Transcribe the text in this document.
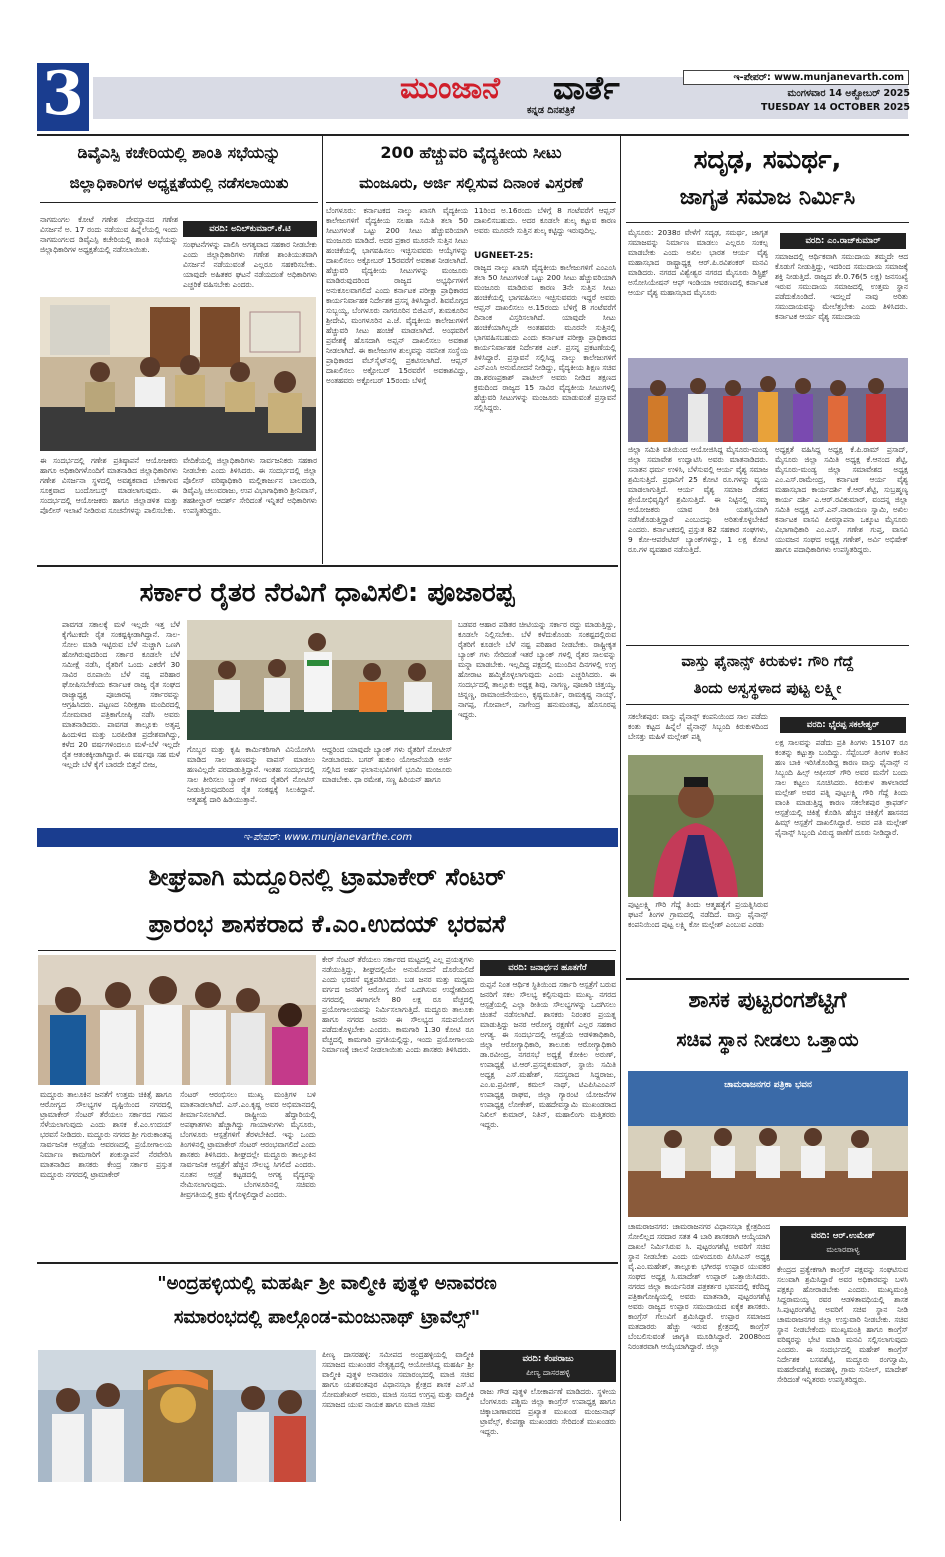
3	ಮುಂಜಾನೆ	ವಾರ್ತೆ
ಕನ್ನಡ ದಿನಪತ್ರಿಕೆ
ಇ-ಪೇಪರ್: www.munjanevarth.com
ಮಂಗಳವಾರ 14 ಅಕ್ಟೋಬರ್ 2025
TUESDAY 14 OCTOBER 2025
ಡಿವೈಎಸ್ಪಿ ಕಚೇರಿಯಲ್ಲಿ ಶಾಂತಿ ಸಭೆಯನ್ನು
ಜಿಲ್ಲಾಧಿಕಾರಿಗಳ ಅಧ್ಯಕ್ಷತೆಯಲ್ಲಿ ನಡೆಸಲಾಯಿತು
ನಾಗಮಂಗಲ ಕೋಟೆ ಗಣೇಶ ದೇವಸ್ಥಾನದ ಗಣೇಶ ವಿಸರ್ಜನೆ ಅ. 17 ರಂದು ನಡೆಯುವ ಹಿನ್ನೆಲೆಯಲ್ಲಿ ಇಂದು ನಾಗಮಂಗಲದ ಡಿವೈಎಸ್ಪಿ ಕಚೇರಿಯಲ್ಲಿ ಶಾಂತಿ ಸಭೆಯನ್ನು ಜಿಲ್ಲಾಧಿಕಾರಿಗಳ ಅಧ್ಯಕ್ಷತೆಯಲ್ಲಿ ನಡೆಸಲಾಯಿತು.
ವರದಿ: ಅನಿಲ್‌ಕುಮಾರ್.ಕೆ.ಟಿ
ಸಂಘಟನೆಗಳನ್ನು ಪಾಲಿಸಿ ಅಗತ್ಯವಾದ ಸಹಕಾರ ನೀಡಬೇಕು ಎಂದು ಜಿಲ್ಲಾಧಿಕಾರಿಗಳು ಗಣೇಶ ಶಾಂತಿಯುತವಾಗಿ ವಿಸರ್ಜನೆ ನಡೆಯುವಂತೆ ಎಲ್ಲರೂ ಸಹಕರಿಸಬೇಕು. ಯಾವುದೇ ಅಹಿತಕರ ಘಟನೆ ನಡೆಯದಂತೆ ಅಧಿಕಾರಿಗಳು ಎಚ್ಚರಿಕೆ ವಹಿಸಬೇಕು ಎಂದರು.
ಈ ಸಂದರ್ಭದಲ್ಲಿ ಗಣೇಶ ಪ್ರತಿಷ್ಠಾಪನೆ ಆಯೋಜಕರು ಹಾಗೂ ಅಧಿಕಾರಿಗಳೊಂದಿಗೆ ಮಾತನಾಡಿದ ಜಿಲ್ಲಾಧಿಕಾರಿಗಳು ಗಣೇಶ ವಿಸರ್ಜನಾ ಸ್ಥಳದಲ್ಲಿ ಅವಶ್ಯಕವಾದ ಬೇಕಾಗುವ ಸೂಕ್ತವಾದ ಬಂದೋಬಸ್ತ್ ಮಾಡಲಾಗುವುದು. ಈ ಸಂದರ್ಭದಲ್ಲಿ ಆಯೋಜಕರು ಹಾಗೂ ಜಿಲ್ಲಾಡಳಿತ ಮತ್ತು ಪೊಲೀಸ್ ಇಲಾಖೆ ನೀಡಿರುವ ಸೂಚನೆಗಳನ್ನು ಪಾಲಿಸಬೇಕು.
ವೇದಿಕೆಯಲ್ಲಿ ಜಿಲ್ಲಾಧಿಕಾರಿಗಳು ಸಾರ್ವಜನಿಕರು ಸಹಕಾರ ನೀಡಬೇಕು ಎಂದು ತಿಳಿಸಿದರು. ಈ ಸಂದರ್ಭದಲ್ಲಿ ಜಿಲ್ಲಾ ಪೊಲೀಸ್ ವರಿಷ್ಠಾಧಿಕಾರಿ ಮಲ್ಲಿಕಾರ್ಜುನ ಬಾಲದಂಡಿ, ಡಿವೈಎಸ್ಪಿ ಚಲುವರಾಜು, ಉಪ ವಿಭಾಗಾಧಿಕಾರಿ ಶ್ರೀನಿವಾಸ್, ತಹಶೀಲ್ದಾರ್ ಆದರ್ಶ್ ಸೇರಿದಂತೆ ಇನ್ನಿತರೆ ಅಧಿಕಾರಿಗಳು ಉಪಸ್ಥಿತರಿದ್ದರು.
200 ಹೆಚ್ಚುವರಿ ವೈದ್ಯಕೀಯ ಸೀಟು
ಮಂಜೂರು, ಅರ್ಜಿ ಸಲ್ಲಿಸುವ ದಿನಾಂಕ ವಿಸ್ತರಣೆ
ಬೆಂಗಳೂರು: ಕರ್ನಾಟಕದ ನಾಲ್ಕು ಖಾಸಗಿ ವೈದ್ಯಕೀಯ ಕಾಲೇಜುಗಳಿಗೆ ವೈದ್ಯಕೀಯ ಸಲಹಾ ಸಮಿತಿ ತಲಾ 50 ಸೀಟುಗಳಂತೆ ಒಟ್ಟು 200 ಸೀಟು ಹೆಚ್ಚುವರಿಯಾಗಿ ಮಂಜೂರು ಮಾಡಿದೆ. ಅದರ ಪ್ರಕಾರ ಮೂರನೇ ಸುತ್ತಿನ ಸೀಟು ಹಂಚಿಕೆಯಲ್ಲಿ ಭಾಗವಹಿಸಲು ಇಚ್ಛಿಸುವವರು ಆಯ್ಕೆಗಳನ್ನು ದಾಖಲಿಸಲು ಅಕ್ಟೋಬರ್ 15ರವರೆಗೆ ಅವಕಾಶ ನೀಡಲಾಗಿದೆ. ಹೆಚ್ಚುವರಿ ವೈದ್ಯಕೀಯ ಸೀಟುಗಳನ್ನು ಮಂಜೂರು ಮಾಡಿರುವುದರಿಂದ ರಾಜ್ಯದ ಅಭ್ಯರ್ಥಿಗಳಿಗೆ ಅನುಕೂಲವಾಗಲಿದೆ ಎಂದು ಕರ್ನಾಟಕ ಪರೀಕ್ಷಾ ಪ್ರಾಧಿಕಾರದ ಕಾರ್ಯನಿರ್ವಾಹಕ ನಿರ್ದೇಶಕ ಪ್ರಸನ್ನ ತಿಳಿಸಿದ್ದಾರೆ. ಶಿವಮೊಗ್ಗದ ಸುಬ್ಬಯ್ಯ, ಬೆಂಗಳೂರು ನಾಗರೂರಿನ ಬಿಜಿಎಸ್, ತುಮಕೂರಿನ ಶ್ರೀದೇವಿ, ಮಂಗಳೂರಿನ ಎ.ಜೆ. ವೈದ್ಯಕೀಯ ಕಾಲೇಜುಗಳಿಗೆ ಹೆಚ್ಚುವರಿ ಸೀಟು ಹಂಚಿಕೆ ಮಾಡಲಾಗಿದೆ. ಅಂಥವರಿಗೆ ಪ್ರವೇಶಕ್ಕೆ ಹೊಸದಾಗಿ ಅಪ್ಷನ್ ದಾಖಲಿಸಲು ಅವಕಾಶ ನೀಡಲಾಗಿದೆ. ಈ ಕಾಲೇಜುಗಳ ಶುಲ್ಕವನ್ನು ನವನೀತ ಸಂಸ್ಥೆಯ ಪ್ರಾಧಿಕಾರದ ವೆಬ್‌ಸೈಟ್‌ನಲ್ಲಿ ಪ್ರಕಟಿಸಲಾಗಿದೆ. ಆಪ್ಷನ್ ದಾಖಲಿಸಲು ಅಕ್ಟೋಬರ್ 15ರವರೆಗೆ ಅವಕಾಶವಿದ್ದು, ಅಂತಹವರು ಅಕ್ಟೋಬರ್ 15ರಂದು ಬೆಳಿಗ್ಗೆ
11ರಿಂದ ಅ.16ರಂದು ಬೆಳಿಗ್ಗೆ 8 ಗಂಟೆವರೆಗೆ ಆಪ್ಷನ್ ದಾಖಲಿಸಬಹುದು. ಅದರ ಕೂಡಲೇ ಶುಲ್ಕ ಕಟ್ಟುವ ಕಾರಣ ಅವರು ಮೂರನೇ ಸುತ್ತಿನ ಶುಲ್ಕ ಕಟ್ಟಿದ್ದು ಇರುವುದಿಲ್ಲ.
UGNEET-25:
ರಾಜ್ಯದ ನಾಲ್ಕು ಖಾಸಗಿ ವೈದ್ಯಕೀಯ ಕಾಲೇಜುಗಳಿಗೆ ಎಂಎಂಸಿ ತಲಾ 50 ಸೀಟುಗಳಂತೆ ಒಟ್ಟು 200 ಸೀಟು ಹೆಚ್ಚುವರಿಯಾಗಿ ಮಂಜೂರು ಮಾಡಿರುವ ಕಾರಣ 3ನೇ ಸುತ್ತಿನ ಸೀಟು ಹಂಚಿಕೆಯಲ್ಲಿ ಭಾಗವಹಿಸಲು ಇಚ್ಛಿಸುವವರು ಇದ್ದರೆ ಅವರು ಆಪ್ಷನ್ ದಾಖಲಿಸಲು ಅ.15ರಂದು ಬೆಳಿಗ್ಗೆ 8 ಗಂಟೆವರೆಗೆ ದಿನಾಂಕ ವಿಸ್ತರಿಸಲಾಗಿದೆ. ಯಾವುದೇ ಸೀಟು ಹಂಚಿಕೆಯಾಗಿಲ್ಲದೇ ಅಂತಹವರು ಮೂರನೇ ಸುತ್ತಿನಲ್ಲಿ ಭಾಗವಹಿಸಬಹುದು ಎಂದು ಕರ್ನಾಟಕ ಪರೀಕ್ಷಾ ಪ್ರಾಧಿಕಾರದ ಕಾರ್ಯನಿರ್ವಾಹಕ ನಿರ್ದೇಶಕ ಎಚ್. ಪ್ರಸನ್ನ ಪ್ರಕಟಣೆಯಲ್ಲಿ ತಿಳಿಸಿದ್ದಾರೆ. ಪ್ರಸ್ತಾವನೆ ಸಲ್ಲಿಸಿದ್ದ ನಾಲ್ಕು ಕಾಲೇಜುಗಳಿಗೆ ಎನ್ಎಂಸಿ ಅನುಮೋದನೆ ನೀಡಿದ್ದು, ವೈದ್ಯಕೀಯ ಶಿಕ್ಷಣ ಸಚಿವ ಡಾ.ಶರಣಪ್ರಕಾಶ್ ಪಾಟೀಲ್ ಅವರು ನೀಡಿದ ತಕ್ಷಣದ ಕ್ರಮದಿಂದ ರಾಜ್ಯದ 15 ಸಾವಿರ ವೈದ್ಯಕೀಯ ಸೀಟುಗಳಲ್ಲಿ ಹೆಚ್ಚುವರಿ ಸೀಟುಗಳನ್ನು ಮಂಜೂರು ಮಾಡುವಂತೆ ಪ್ರಸ್ತಾವನೆ ಸಲ್ಲಿಸಿದ್ದರು.
ಸದೃಢ, ಸಮರ್ಥ,
ಜಾಗೃತ ಸಮಾಜ ನಿರ್ಮಿಸಿ
ಮೈಸೂರು: 2038ರ ವೇಳೆಗೆ ಸದೃಢ, ಸಮರ್ಥ, ಜಾಗೃತ ಸಮಾಜವನ್ನು ನಿರ್ಮಾಣ ಮಾಡಲು ಎಲ್ಲರೂ ಸಂಕಲ್ಪ ಮಾಡಬೇಕು ಎಂದು ಅಖಿಲ ಭಾರತ ಆರ್ಯ ವೈಶ್ಯ ಮಹಾಸಭಾದ ರಾಷ್ಟ್ರಾಧ್ಯಕ್ಷ ಆರ್.ಪಿ.ರವಿಶಂಕರ್ ಮನವಿ ಮಾಡಿದರು. ನಗರದ ವಿಶ್ವೇಶ್ವರ ನಗರದ ಮೈಸೂರು ಡಿಸ್ಟ್ರಿಕ್ಟ್ ಅಸೋಸಿಯೇಷನ್ ಆಫ್ ಇಂಡಿಯಾ ಆವರಣದಲ್ಲಿ ಕರ್ನಾಟಕ ಆರ್ಯ ವೈಶ್ಯ ಮಹಾಸಭಾದ ಮೈಸೂರು
ವರದಿ: ಎಂ.ರಾಜ್‌ಕುಮಾರ್
ಸಮಾಜದಲ್ಲಿ ಆರ್ಥಿಕವಾಗಿ ಸಮುದಾಯ ತಮ್ಮದೇ ಆದ ಕೊಡುಗೆ ನೀಡುತ್ತಿದ್ದು, ಇದರಿಂದ ಸಮುದಾಯ ಸಮಾಜಕ್ಕೆ ಶಕ್ತಿ ನೀಡುತ್ತಿದೆ. ರಾಜ್ಯದ ಶೇ.0.76(5 ಲಕ್ಷ) ಜನಸಂಖ್ಯೆ ಇರುವ ಸಮುದಾಯ ಸಮಾಜದಲ್ಲಿ ಉತ್ತಮ ಸ್ಥಾನ ಪಡೆದುಕೊಂಡಿದೆ. ಇದಲ್ಲದೆ ನಾವು ಅರಿತು ಸಮುದಾಯವನ್ನು ಮೇಲೆತ್ತಬೇಕು ಎಂದು ತಿಳಿಸಿದರು. ಕರ್ನಾಟಕ ಆರ್ಯ ವೈಶ್ಯ ಸಮುದಾಯ
ಜಿಲ್ಲಾ ಸಮಿತಿ ವತಿಯಿಂದ ಆಯೋಜಿಸಿದ್ದ ಮೈಸೂರು-ಮಂಡ್ಯ ಜಿಲ್ಲಾ ಸಮಾವೇಶ ಉದ್ಘಾಟಿಸಿ ಅವರು ಮಾತನಾಡಿದರು. ಸನಾತನ ಧರ್ಮ ಉಳಿಸಿ, ಬೆಳೆಸುವಲ್ಲಿ ಆರ್ಯ ವೈಶ್ಯ ಸಮಾಜ ಶ್ರಮಿಸುತ್ತಿದೆ. ಪ್ರಧಾನಿಗೆ 25 ಕೋಟಿ ರೂ.ಗಳನ್ನು ವ್ಯಯ ಮಾಡಲಾಗುತ್ತಿದೆ. ಆರ್ಯ ವೈಶ್ಯ ಸಮಾಜ ದೇಶದ ಶ್ರೇಯೋಭಿವೃದ್ಧಿಗೆ ಶ್ರಮಿಸುತ್ತಿದೆ. ಈ ನಿಟ್ಟಿನಲ್ಲಿ ನಮ್ಮ ಆಯೋಜಕರು ಯಾವ ರೀತಿ ಯಶಸ್ವಿಯಾಗಿ ನಡೆಸಿಕೊಡುತ್ತಿದ್ದಾರೆ ಎಂಬುದನ್ನು ಅರಿತುಕೊಳ್ಳಬೇಕಿದೆ ಎಂದರು. ಕರ್ನಾಟಕದಲ್ಲಿ ಪ್ರಸ್ತುತ 82 ಸಹಕಾರ ಸಂಘಗಳು, 9 ಕೋ-ಆಪರೇಟಿವ್ ಬ್ಯಾಂಕ್‌ಗಳಿದ್ದು, 1 ಲಕ್ಷ ಕೋಟಿ ರೂ.ಗಳ ವ್ಯವಹಾರ ನಡೆಸುತ್ತಿದೆ.
ಅಧ್ಯಕ್ಷತೆ ವಹಿಸಿದ್ದ ಅಧ್ಯಕ್ಷ ಕೆ.ಪಿ.ರಾಮ್ ಪ್ರಸಾದ್, ಮೈಸೂರು ಜಿಲ್ಲಾ ಸಮಿತಿ ಅಧ್ಯಕ್ಷ ಕೆ.ಆನಂದ ಶೆಟ್ಟಿ, ಮೈಸೂರು-ಮಂಡ್ಯ ಜಿಲ್ಲಾ ಸಮಾವೇಶದ ಅಧ್ಯಕ್ಷ ಎಂ.ಎಸ್.ರಾಮೇಂದ್ರ, ಕರ್ನಾಟಕ ಆರ್ಯ ವೈಶ್ಯ ಮಹಾಸಭಾದ ಕಾರ್ಯದರ್ಶಿ ಕೆ.ಆರ್.ಶೆಟ್ಟಿ, ಸುಬ್ರಹ್ಮಣ್ಯ ಕಾರ್ಯ ದರ್ಶಿ ಎ.ಆರ್.ರವಿಕುಮಾರ್, ವಂದನ್ನ ಜಿಲ್ಲಾ ಸಮಿತಿ ಅಧ್ಯಕ್ಷ ಎಸ್.ಎನ್.ನಾರಾಯಣ ಸ್ವಾಮಿ, ಅಖಿಲ ಕರ್ನಾಟಕ ವಾಸವಿ ಪೀಠಸ್ಥಾಪನಾ ಒಕ್ಕೂಟ ಮೈಸೂರು ವಿಭಾಗಾಧಿಕಾರಿ ಎಂ.ಎಸ್. ಗಣೇಶ ಗುಪ್ತ, ವಾಸವಿ ಯುವಜನ ಸಂಘದ ಅಧ್ಯಕ್ಷ ಗಣೇಶ್, ಅರ್ವಿ ಅಭಿಷೇಕ್ ಹಾಗೂ ಪದಾಧಿಕಾರಿಗಳು ಉಪಸ್ಥಿತರಿದ್ದರು.
ಸರ್ಕಾರ ರೈತರ ನೆರವಿಗೆ ಧಾವಿಸಲಿ: ಪೂಜಾರಪ್ಪ
ಪಾವಗಡ ಸಕಾಲಕ್ಕೆ ಮಳೆ ಇಲ್ಲದೇ ಇತ್ತ ಬೆಳೆ ಕೈಗೆಟುಕದೇ ರೈತ ಸಂಕಷ್ಟಕ್ಕೀಡಾಗಿದ್ದಾನೆ. ಸಾಲ-ಸೋಲ ಮಾಡಿ ಇಟ್ಟಿರುವ ಬೆಳೆ ನುಚ್ಚಾಗಿ ಒಣಗಿ ಹೋಗಿರುವುದರಿಂದ ಸರ್ಕಾರ ಕೂಡಲೇ ಬೆಳೆ ಸಮೀಕ್ಷೆ ನಡೆಸಿ, ರೈತರಿಗೆ ಒಂದು ಎಕರೆಗೆ 30 ಸಾವಿರ ರೂಪಾಯಿ ಬೆಳೆ ನಷ್ಟ ಪರಿಹಾರ ಘೋಷಿಸಬೇಕೆಂದು ಕರ್ನಾಟಕ ರಾಜ್ಯ ರೈತ ಸಂಘದ ರಾಜ್ಯಾಧ್ಯಕ್ಷ ಪೂಜಾರಪ್ಪ ಸರ್ಕಾರವನ್ನು ಆಗ್ರಹಿಸಿದರು. ಪಟ್ಟಣದ ನಿರೀಕ್ಷಣಾ ಮಂದಿರದಲ್ಲಿ ಸೋಮವಾರ ಪತ್ರಿಕಾಗೋಷ್ಠಿ ನಡೆಸಿ ಅವರು ಮಾತನಾಡಿದರು. ಪಾವಗಡ ತಾಲ್ಲೂಕು ಅತೃಪ್ತ ಹಿಂದುಳಿದ ಮತ್ತು ಬರಪೀಡಿತ ಪ್ರದೇಶವಾಗಿದ್ದು, ಕಳೆದ 20 ವರ್ಷಗಳಿಂದಲೂ ಮಳೆ-ಬೆಳೆ ಇಲ್ಲದೇ ರೈತ ಆತಂಕಕ್ಕೀಡಾಗಿದ್ದಾರೆ. ಈ ವರ್ಷವೂ ಸಹ ಮಳೆ ಇಲ್ಲದೇ ಬೆಳೆ ಕೈಗೆ ಬಾರದೇ ಬಿತ್ತನೆ ಬೀಜ,
ಗೊಬ್ಬರ ಮತ್ತು ಕೃಷಿ ಕಾರ್ಮಿಕರಿಗಾಗಿ ವಿನಿಯೋಗಿಸಿ ಮಾಡಿದ ಸಾಲ ಹಣವನ್ನು ವಾಪಸ್ ಮಾಡಲು ಹಣವಿಲ್ಲದೇ ಪರದಾಡುತ್ತಿದ್ದಾನೆ. ಇಂತಹ ಸಂದರ್ಭದಲ್ಲಿ ಸಾಲ ತೀರಿಸಲು ಬ್ಯಾಂಕ್ ಗಳಿಂದ ರೈತರಿಗೆ ನೋಟಿಸ್ ನೀಡುತ್ತಿರುವುದರಿಂದ ರೈತ ಸಂಕಷ್ಟಕ್ಕೆ ಸಿಲುಕಿದ್ದಾನೆ. ಆತ್ಮಹತ್ಯೆ ದಾರಿ ಹಿಡಿಯುತ್ತಾನೆ.
ಆದ್ದರಿಂದ ಯಾವುದೇ ಬ್ಯಾಂಕ್ ಗಳು ರೈತರಿಗೆ ನೋಟೀಸ್ ನೀಡಬಾರದು. ಬಗರ್ ಹುಕುಂ ಯೋಜನೆಯಡಿ ಅರ್ಜಿ ಸಲ್ಲಿಸಿದ ಅರ್ಹ ಫಲಾನುಭವಿಗಳಿಗೆ ಭೂಮಿ ಮಂಜೂರು ಮಾಡಬೇಕು. ಧಾ ರಮೇಶ, ಸಣ್ಣ ಹಿರಿಯನ್ ಹಾಗೂ
ಬಡವರ ಆಹಾರ ಪಡಿತರ ಚೀಟಿಯನ್ನು ಸರ್ಕಾರ ರದ್ದು ಮಾಡುತ್ತಿದ್ದು, ಕೂಡಲೇ ನಿಲ್ಲಿಸಬೇಕು. ಬೆಳೆ ಕಳೆದುಕೊಂಡು ಸಂಕಷ್ಟದಲ್ಲಿರುವ ರೈತರಿಗೆ ಕೂಡಲೇ ಬೆಳೆ ನಷ್ಟ ಪರಿಹಾರ ನೀಡಬೇಕು. ರಾಷ್ಟ್ರೀಕೃತ ಬ್ಯಾಂಕ್ ಗಳು ಸೇರಿದಂತೆ ಇತರೆ ಬ್ಯಾಂಕ್ ಗಳಲ್ಲಿ ರೈತರ ಸಾಲವನ್ನು ಮನ್ನಾ ಮಾಡಬೇಕು. ಇಲ್ಲದಿದ್ದ ಪಕ್ಷದಲ್ಲಿ ಮುಂದಿನ ದಿನಗಳಲ್ಲಿ ಉಗ್ರ ಹೋರಾಟ ಹಮ್ಮಿಕೊಳ್ಳಲಾಗುವುದು ಎಂದು ಎಚ್ಚರಿಸಿದರು. ಈ ಸಂದರ್ಭದಲ್ಲಿ ತಾಲ್ಲೂಕು ಅಧ್ಯಕ್ಷ ಶಿವು, ನಾಗಣ್ಣ, ಪೂಜಾರಿ ಚಿತ್ತಯ್ಯ, ಚಿನ್ನಣ್ಣ, ರಾಮಾಂಜಿನೇಯಲು, ಕೃಷ್ಣಮೂರ್ತಿ, ರಾಮಕೃಷ್ಣ ನಾಯ್ಕ್, ನಾಗಪ್ಪ, ಗೋಪಾಲ್, ನಾಗೇಂದ್ರ ಹನುಮಂತಪ್ಪ, ಹೊಸೂರಪ್ಪ ಇದ್ದರು.
ಇ-ಪೇಪರ್: www.munjanevarthe.com
ವಾಸ್ತು ಫೈನಾನ್ಸ್ ಕಿರುಕುಳ: ಗೌರಿ ಗೆದ್ದೆ
ತಿಂದು ಅಸ್ವಸ್ಥಳಾದ ಪುಟ್ಟ ಲಕ್ಷ್ಮೀ
ಸಕಲೇಶಪುರ: ವಾಸ್ತು ಫೈನಾನ್ಸ್ ಕಂಪನಿಯಿಂದ ಸಾಲ ಪಡೆದು ಕಂತು ಕಟ್ಟದ ಹಿನ್ನೆಲೆ ಫೈನಾನ್ಸ್ ಸಿಬ್ಬಂದಿ ಕಿರುಕುಳದಿಂದ ಬೇಸತ್ತು ಮಹಿಳೆ ಮಲ್ಲೇಶ್ ಪತ್ನಿ
ವರದಿ: ಭೈರಪ್ಪ ಸಕಲೇಶ್ವರ್
ಲಕ್ಷ ಸಾಲವನ್ನು ಪಡೆದು ಪ್ರತಿ ತಿಂಗಳು 15107 ರೂ ಕಂತನ್ನು ಕಟ್ಟುತ್ತಾ ಬಂದಿದ್ದು. ಸೆಪ್ಟೆಂಬರ್ ತಿಂಗಳ ಕಂತಿನ ಹಣ ಬಾಕಿ ಇರಿಸಿಕೊಂಡಿದ್ದ ಕಾರಣ ವಾಸ್ತು ಫೈನಾನ್ಸ್ ನ ಸಿಬ್ಬಂದಿ ಹಿಲ್ಸ್ ಆಫೀಸರ್ ಗೌರಿ ಅವರ ಮನೆಗೆ ಬಂದು ಸಾಲ ಕಟ್ಟಲು ಸೂಚಿಸಿದರು. ಕಿರುಕುಳ ತಾಳಲಾರದೆ ಮಲ್ಲೇಶ್ ಅವರ ಪತ್ನಿ ಪುಟ್ಟಲಕ್ಷ್ಮಿ ಗೌರಿ ಗೆದ್ದೆ ತಿಂದು ವಾಂತಿ ಮಾಡುತ್ತಿದ್ದ ಕಾರಣ ಸಕಲೇಶಪುರ ಕ್ರಾಫರ್ಡ್ ಆಸ್ಪತ್ರೆಯಲ್ಲಿ ಚಿಕಿತ್ಸೆ ಕೊಡಿಸಿ ಹೆಚ್ಚಿನ ಚಿಕಿತ್ಸೆಗೆ ಹಾಸನದ ಹಿಮ್ಸ್ ಆಸ್ಪತ್ರೆಗೆ ದಾಖಲಿಸಿದ್ದಾರೆ. ಅವರ ಪತಿ ಮಲ್ಲೇಶ್ ಫೈನಾನ್ಸ್ ಸಿಬ್ಬಂದಿ ವಿರುದ್ಧ ಠಾಣೆಗೆ ದೂರು ನೀಡಿದ್ದಾರೆ.
ಪುಟ್ಟಲಕ್ಷ್ಮಿ ಗೌರಿ ಗೆದ್ದೆ ತಿಂದು ಆತ್ಮಹತ್ಯೆಗೆ ಪ್ರಯತ್ನಿಸಿರುವ ಘಟನೆ ತಿಂಗಳ ಗ್ರಾಮದಲ್ಲಿ ನಡೆದಿದೆ. ವಾಸ್ತು ಫೈನಾನ್ಸ್ ಕಂಪನಿಯಿಂದ ಪುಟ್ಟ ಲಕ್ಷ್ಮಿ ಕೋ ಮಲ್ಲೇಶ್ ಎಂಬುವ ಎರಡು
ಶೀಘ್ರವಾಗಿ ಮದ್ದೂರಿನಲ್ಲಿ ಟ್ರಾಮಾಕೇರ್ ಸೆಂಟರ್
ಪ್ರಾರಂಭ ಶಾಸಕರಾದ ಕೆ.ಎಂ.ಉದಯ್ ಭರವಸೆ
ಕೇರ್ ಸೆಂಟರ್ ತೆರೆಯಲು ಸರ್ಕಾರದ ಮಟ್ಟದಲ್ಲಿ ಎಲ್ಲ ಪ್ರಯತ್ನಗಳು ನಡೆಯುತ್ತಿದ್ದು, ಶೀಘ್ರದಲ್ಲಿಯೇ ಅನುಮೋದನೆ ದೊರೆಯಲಿದೆ ಎಂದು ಭರವಸೆ ವ್ಯಕ್ತಪಡಿಸಿದರು. ಬಡ ಜನರ ಮತ್ತು ಮಧ್ಯಮ ವರ್ಗದ ಜನರಿಗೆ ಆರೋಗ್ಯ ಸೇವೆ ಒದಗಿಸುವ ಉದ್ದೇಶದಿಂದ ನಗರದಲ್ಲಿ ಈಗಾಗಲೇ 80 ಲಕ್ಷ ರೂ ವೆಚ್ಚದಲ್ಲಿ ಪ್ರಯೋಗಾಲಯವನ್ನು ನಿರ್ಮಿಸಲಾಗುತ್ತಿದೆ. ಮದ್ದೂರು ತಾಲೂಕು ಹಾಗೂ ನಗರದ ಜನರು ಈ ಸೌಲಭ್ಯದ ಸದುಪಯೋಗ ಪಡೆದುಕೊಳ್ಳಬೇಕು ಎಂದರು. ಕಾಮಗಾರಿ 1.30 ಕೋಟಿ ರೂ ವೆಚ್ಚದಲ್ಲಿ ಕಾಮಗಾರಿ ಪ್ರಗತಿಯಲ್ಲಿದ್ದು, ಇಂದು ಪ್ರಯೋಗಾಲಯ ನಿರ್ಮಾಣಕ್ಕೆ ಚಾಲನೆ ನೀಡಲಾಯಿತು ಎಂದು ಶಾಸಕರು ತಿಳಿಸಿದರು.
ವರದಿ: ಜನಾರ್ಧನ ಹೂತಗೆರೆ
ರುಪ್ಪನೆ ನಿಂತ ಆರ್ಥಿಕ ಸ್ಥಿತಿಯಿಂದ ಸರ್ಕಾರಿ ಆಸ್ಪತ್ರೆಗೆ ಬರುವ ಜನರಿಗೆ ಸಕಲ ಸೌಲಭ್ಯ ಕಲ್ಪಿಸುವುದು ಮುಖ್ಯ. ನಗರದ ಆಸ್ಪತ್ರೆಯಲ್ಲಿ ಎಲ್ಲಾ ರೀತಿಯ ಸೌಲಭ್ಯಗಳನ್ನು ಒದಗಿಸಲು ಚಿಂತನೆ ನಡೆಸಲಾಗಿದೆ. ಶಾಸಕರು ನಿರಂತರ ಪ್ರಯತ್ನ ಮಾಡುತ್ತಿದ್ದು ಜನರ ಆರೋಗ್ಯ ರಕ್ಷಣೆಗೆ ಎಲ್ಲರ ಸಹಕಾರ ಅಗತ್ಯ. ಈ ಸಂದರ್ಭದಲ್ಲಿ ಆಸ್ಪತ್ರೆಯ ಆಡಳಿತಾಧಿಕಾರಿ, ಜಿಲ್ಲಾ ಆರೋಗ್ಯಾಧಿಕಾರಿ, ತಾಲೂಕು ಆರೋಗ್ಯಾಧಿಕಾರಿ ಡಾ.ರವೀಂದ್ರ, ನಗರಸಭೆ ಅಧ್ಯಕ್ಷೆ ಕೋಕಿಲ ಅರುಣ್, ಉಪಾಧ್ಯಕ್ಷೆ ಟಿ.ಆರ್.ಪ್ರಸನ್ನಕುಮಾರ್, ಸ್ಥಾಯಿ ಸಮಿತಿ ಅಧ್ಯಕ್ಷ ಎಸ್.ಮಹೇಶ್, ಸದಸ್ಯರಾದ ಸಿದ್ದರಾಜು, ಎಂ.ಐ.ಪ್ರವೀಣ್, ಕಮಲ್ ನಾಥ್, ಟಿಎಪಿಸಿಎಂಎಸ್ ಉಪಾಧ್ಯಕ್ಷ ರಾಘವ, ಜಿಲ್ಲಾ ಗ್ಯಾರಂಟಿ ಯೋಜನೆಗಳ ಉಪಾಧ್ಯಕ್ಷ ಲೋಕೇಶ್, ಮಹದೇವಸ್ವಾಮಿ ಮುಖಂಡರಾದ ನಿಖಿಲ್ ಕುಮಾರ್, ನಿತಿನ್, ಮಹಾಲಿಂಗು ಮತ್ತಿತರರು ಇದ್ದರು.
ಮದ್ದೂರು ತಾಲೂಕಿನ ಜನತೆಗೆ ಉತ್ತಮ ಚಿಕಿತ್ಸೆ ಹಾಗೂ ಆರೋಗ್ಯದ ಸೌಲಭ್ಯಗಳ ದೃಷ್ಟಿಯಿಂದ ನಗರದಲ್ಲಿ ಟ್ರಾಮಾಕೇರ್ ಸೆಂಟರ್ ತೆರೆಯಲು ಸರ್ಕಾರದ ಗಮನ ಸೆಳೆಯಲಾಗುವುದು ಎಂದು ಶಾಸಕ ಕೆ.ಎಂ.ಉದಯ್ ಭರವಸೆ ನೀಡಿದರು. ಮದ್ದೂರು ನಗರದ ಶ್ರೀ ಗುರುಕಾಂತಪ್ಪ ಸಾರ್ವಜನಿಕ ಆಸ್ಪತ್ರೆಯ ಆವರಣದಲ್ಲಿ ಪ್ರಯೋಗಾಲಯ ನಿರ್ಮಾಣ ಕಾಮಗಾರಿಗೆ ಶಂಕುಸ್ಥಾಪನೆ ನೆರವೇರಿಸಿ ಮಾತನಾಡಿದ ಶಾಸಕರು ಕೇಂದ್ರ ಸರ್ಕಾರ ಪ್ರಸ್ತುತ ಮದ್ದೂರು ನಗರದಲ್ಲಿ ಟ್ರಾಮಾಕೇರ್
ಸೆಂಟರ್ ಆರಂಭಿಸಲು ಮುಖ್ಯ ಮಂತ್ರಿಗಳ ಬಳಿ ಮಾತನಾಡಲಾಗಿದೆ. ಎಸ್.ಎಂ.ಕೃಷ್ಣ ಅವರ ಅಭಿಮಾನದಲ್ಲಿ ತೀರ್ಮಾನಿಸಲಾಗಿದೆ. ರಾಷ್ಟ್ರೀಯ ಹೆದ್ದಾರಿಯಲ್ಲಿ ಅಪಘಾತಗಳು ಹೆಚ್ಚಾಗಿದ್ದು ಗಾಯಾಳುಗಳು ಮೈಸೂರು, ಬೆಂಗಳೂರು ಆಸ್ಪತ್ರೆಗಳಿಗೆ ತೆರಳಬೇಕಿದೆ. ಇನ್ನು ಒಂದು ತಿಂಗಳಿನಲ್ಲಿ ಟ್ರಾಮಾಕೇರ್ ಸೆಂಟರ್ ಆರಂಭವಾಗಲಿದೆ ಎಂದು ಶಾಸಕರು ತಿಳಿಸಿದರು. ಶೀಘ್ರದಲ್ಲೇ ಮದ್ದೂರು ತಾಲ್ಲೂಕಿನ ಸಾರ್ವಜನಿಕ ಆಸ್ಪತ್ರೆಗೆ ಹೆಚ್ಚಿನ ಸೌಲಭ್ಯ ಸಿಗಲಿದೆ ಎಂದರು. ನೂತನ ಆಸ್ಪತ್ರೆ ಕಟ್ಟಡದಲ್ಲಿ ಅಗತ್ಯ ವೈದ್ಯರನ್ನು ನೇಮಿಸಲಾಗುವುದು. ಬೆಂಗಳೂರಿನಲ್ಲಿ ಸಚಿವರು ತೀವ್ರಗತಿಯಲ್ಲಿ ಕ್ರಮ ಕೈಗೊಳ್ಳಲಿದ್ದಾರೆ ಎಂದರು.
ಶಾಸಕ ಪುಟ್ಟರಂಗಶೆಟ್ಟಿಗೆ
ಸಚಿವ ಸ್ಥಾನ ನೀಡಲು ಒತ್ತಾಯ
ಚಾಮರಾಜನಗರ ಪತ್ರಿಕಾ ಭವನ
ಚಾಮರಾಜನಗರ: ಚಾಮರಾಜನಗರ ವಿಧಾನಸಭಾ ಕ್ಷೇತ್ರದಿಂದ ಸೋಲಿಲ್ಲದ ಸರದಾರ ಸತತ 4 ಬಾರಿ ಶಾಸಕರಾಗಿ ಆಯ್ಕೆಯಾಗಿ ದಾಖಲೆ ನಿರ್ಮಿಸಿರುವ ಸಿ. ಪುಟ್ಟರಂಗಶೆಟ್ಟಿ ಅವರಿಗೆ ಸಚಿವ ಸ್ಥಾನ ನೀಡಬೇಕು ಎಂದು ಯಳಂದೂರು ಪಿಸಿಸಿಎಸ್ ಅಧ್ಯಕ್ಷ ವೈ.ಎಂ.ಮಹೇಶ್, ತಾಲ್ಲೂಕು ಭಗೀರಥ ಉಪ್ಪಾರ ಯುವಕರ ಸಂಘದ ಅಧ್ಯಕ್ಷ ಸಿ.ಮಾದೇಶ್ ಉಪ್ಪಾರ್ ಒತ್ತಾಯಿಸಿದರು. ನಗರದ ಜಿಲ್ಲಾ ಕಾರ್ಯನಿರತ ಪತ್ರಕರ್ತರ ಭವನದಲ್ಲಿ ಕರೆದಿದ್ದ ಪತ್ರಿಕಾಗೋಷ್ಠಿಯಲ್ಲಿ ಅವರು ಮಾತನಾಡಿ, ಪುಟ್ಟರಂಗಶೆಟ್ಟಿ ಅವರು ರಾಜ್ಯದ ಉಪ್ಪಾರ ಸಮುದಾಯದ ಏಕೈಕ ಶಾಸಕರು. ಕಾಂಗ್ರೆಸ್ ಗೆಲುವಿಗೆ ಶ್ರಮಿಸಿದ್ದಾರೆ. ಉಪ್ಪಾರ ಸಮಾಜದ ಮತದಾರರು ಹೆಚ್ಚು ಇರುವ ಕ್ಷೇತ್ರದಲ್ಲಿ ಕಾಂಗ್ರೆಸ್ ಬೆಂಬಲಿಸುವಂತೆ ಜಾಗೃತಿ ಮೂಡಿಸಿದ್ದಾರೆ. 2008ರಿಂದ ನಿರಂತರವಾಗಿ ಆಯ್ಕೆಯಾಗಿದ್ದಾರೆ. ಜಿಲ್ಲಾ
ವರದಿ: ಆರ್.ಉಮೇಶ್
ಮಲಾರಪಾಳ್ಯ
ಕೇಂದ್ರದ ಪ್ರತ್ಯೇಕಗಾಗಿ ಕಾಂಗ್ರೆಸ್ ಪಕ್ಷವನ್ನು ಸಂಘಟಿಸುವ ಸಲುವಾಗಿ ಶ್ರಮಿಸಿದ್ದಾರೆ ಅವರ ಅಧಿಕಾರವನ್ನು ಬಳಸಿ ಪಕ್ಷಕ್ಕೂ ಹೋರಾಡಬೇಕು ಎಂದರು. ಮುಖ್ಯಮಂತ್ರಿ ಸಿದ್ದರಾಮಯ್ಯ ರವರ ಆಡಳಿತಾವಧಿಯಲ್ಲಿ ಶಾಸಕ ಸಿ.ಪುಟ್ಟರಂಗಶೆಟ್ಟಿ ಅವರಿಗೆ ಸಚಿವ ಸ್ಥಾನ ನೀಡಿ ಚಾಮರಾಜನಗರ ಜಿಲ್ಲಾ ಉಸ್ತುವಾರಿ ನೀಡಬೇಕು. ಸಚಿವ ಸ್ಥಾನ ನೀಡಬೇಕೆಂದು ಮುಖ್ಯಮಂತ್ರಿ ಹಾಗೂ ಕಾಂಗ್ರೆಸ್ ವರಿಷ್ಠರನ್ನು ಭೇಟಿ ಮಾಡಿ ಮನವಿ ಸಲ್ಲಿಸಲಾಗುವುದು ಎಂದರು. ಈ ಸಂದರ್ಭದಲ್ಲಿ ಮಹೇಶ್ ಕಾಂಗ್ರೆಸ್ ನಿರ್ದೇಶಕ ಬಸವಶೆಟ್ಟಿ, ಮದ್ದೂರು ರಂಗಸ್ವಾಮಿ, ಮಹದೇವಶೆಟ್ಟಿ ಕಂದಹಳ್ಳಿ, ಗ್ರಾಮ ಸುನೀಲ್, ಮಾದೇಶ್ ಸೇರಿದಂತೆ ಇನ್ನಿತರರು ಉಪಸ್ಥಿತರಿದ್ದರು.
"ಅಂದ್ರಹಳ್ಳಿಯಲ್ಲಿ ಮಹರ್ಷಿ ಶ್ರೀ ವಾಲ್ಮೀಕಿ ಪುತ್ಥಳಿ ಅನಾವರಣ
ಸಮಾರಂಭದಲ್ಲಿ ಪಾಲ್ಗೊಂಡ-ಮಂಜುನಾಥ್ ಟ್ರಾವೆಲ್ಸ್"
ಪೀಣ್ಯ ದಾಸರಹಳ್ಳಿ: ಸಮೀಪದ ಅಂದ್ರಹಳ್ಳಿಯಲ್ಲಿ ವಾಲ್ಮೀಕಿ ಸಮಾಜದ ಮುಖಂಡರ ನೇತೃತ್ವದಲ್ಲಿ ಆಯೋಜಿಸಿದ್ದ ಮಹರ್ಷಿ ಶ್ರೀ ವಾಲ್ಮೀಕಿ ಪುತ್ಥಳಿ ಅನಾವರಣ ಸಮಾರಂಭದಲ್ಲಿ ಮಾಜಿ ಸಚಿವ ಹಾಗೂ ಯಶವಂತಪುರ ವಿಧಾನಸಭಾ ಕ್ಷೇತ್ರದ ಶಾಸಕ ಎಸ್.ಟಿ ಸೋಮಶೇಖರ್ ಅವರು, ಮಾಜಿ ಸಂಸದ ಉಗ್ರಪ್ಪ ಮತ್ತು ವಾಲ್ಮೀಕಿ ಸಮಾಜದ ಯುವ ನಾಯಕ ಹಾಗೂ ಮಾಜಿ ಸಚಿವ
ವರದಿ: ಕೆಂಪರಾಜು
ಪೀಣ್ಯ ದಾಸರಹಳ್ಳಿ
ರಾಜು ಗೌಡ ಪುತ್ಥಳಿ ಲೋಕಾರ್ಪಣೆ ಮಾಡಿದರು. ಸ್ಥಳೀಯ ಬೆಂಗಳೂರು ಪಶ್ಚಿಮ ಜಿಲ್ಲಾ ಕಾಂಗ್ರೆಸ್ ಉಪಾಧ್ಯಕ್ಷ ಹಾಗೂ ಚಿಕ್ಕಾಬಾಣಾವರದ ಪ್ರಖ್ಯಾತ ಮುಖಂಡ ಮಂಜುನಾಥ್ ಟ್ರಾವೆಲ್ಸ್, ಕೆಂಪಣ್ಣಾ ಮುಖಂಡರು ಸೇರಿದಂತೆ ಮುಖಂಡರು ಇದ್ದರು.
